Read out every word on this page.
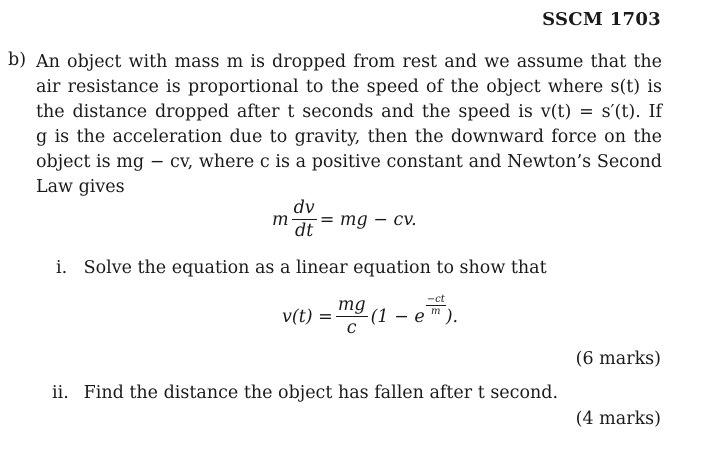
SSCM 1703
b) An object with mass m is dropped from rest and we assume that the
air resistance is proportional to the speed of the object where s(t) is
the distance dropped after t seconds and the speed is v(t) = s′(t). If
g is the acceleration due to gravity, then the downward force on the
object is mg − cv, where c is a positive constant and Newton’s Second
Law gives
m $\frac{dv}{dt}$ = mg − cv.
i. Solve the equation as a linear equation to show that
$v(t) = \frac{mg}{c} (1 - e \frac{-ct}{m}$ ).
(6 marks)
ii. Find the distance the object has fallen after t second.
(4 marks)
